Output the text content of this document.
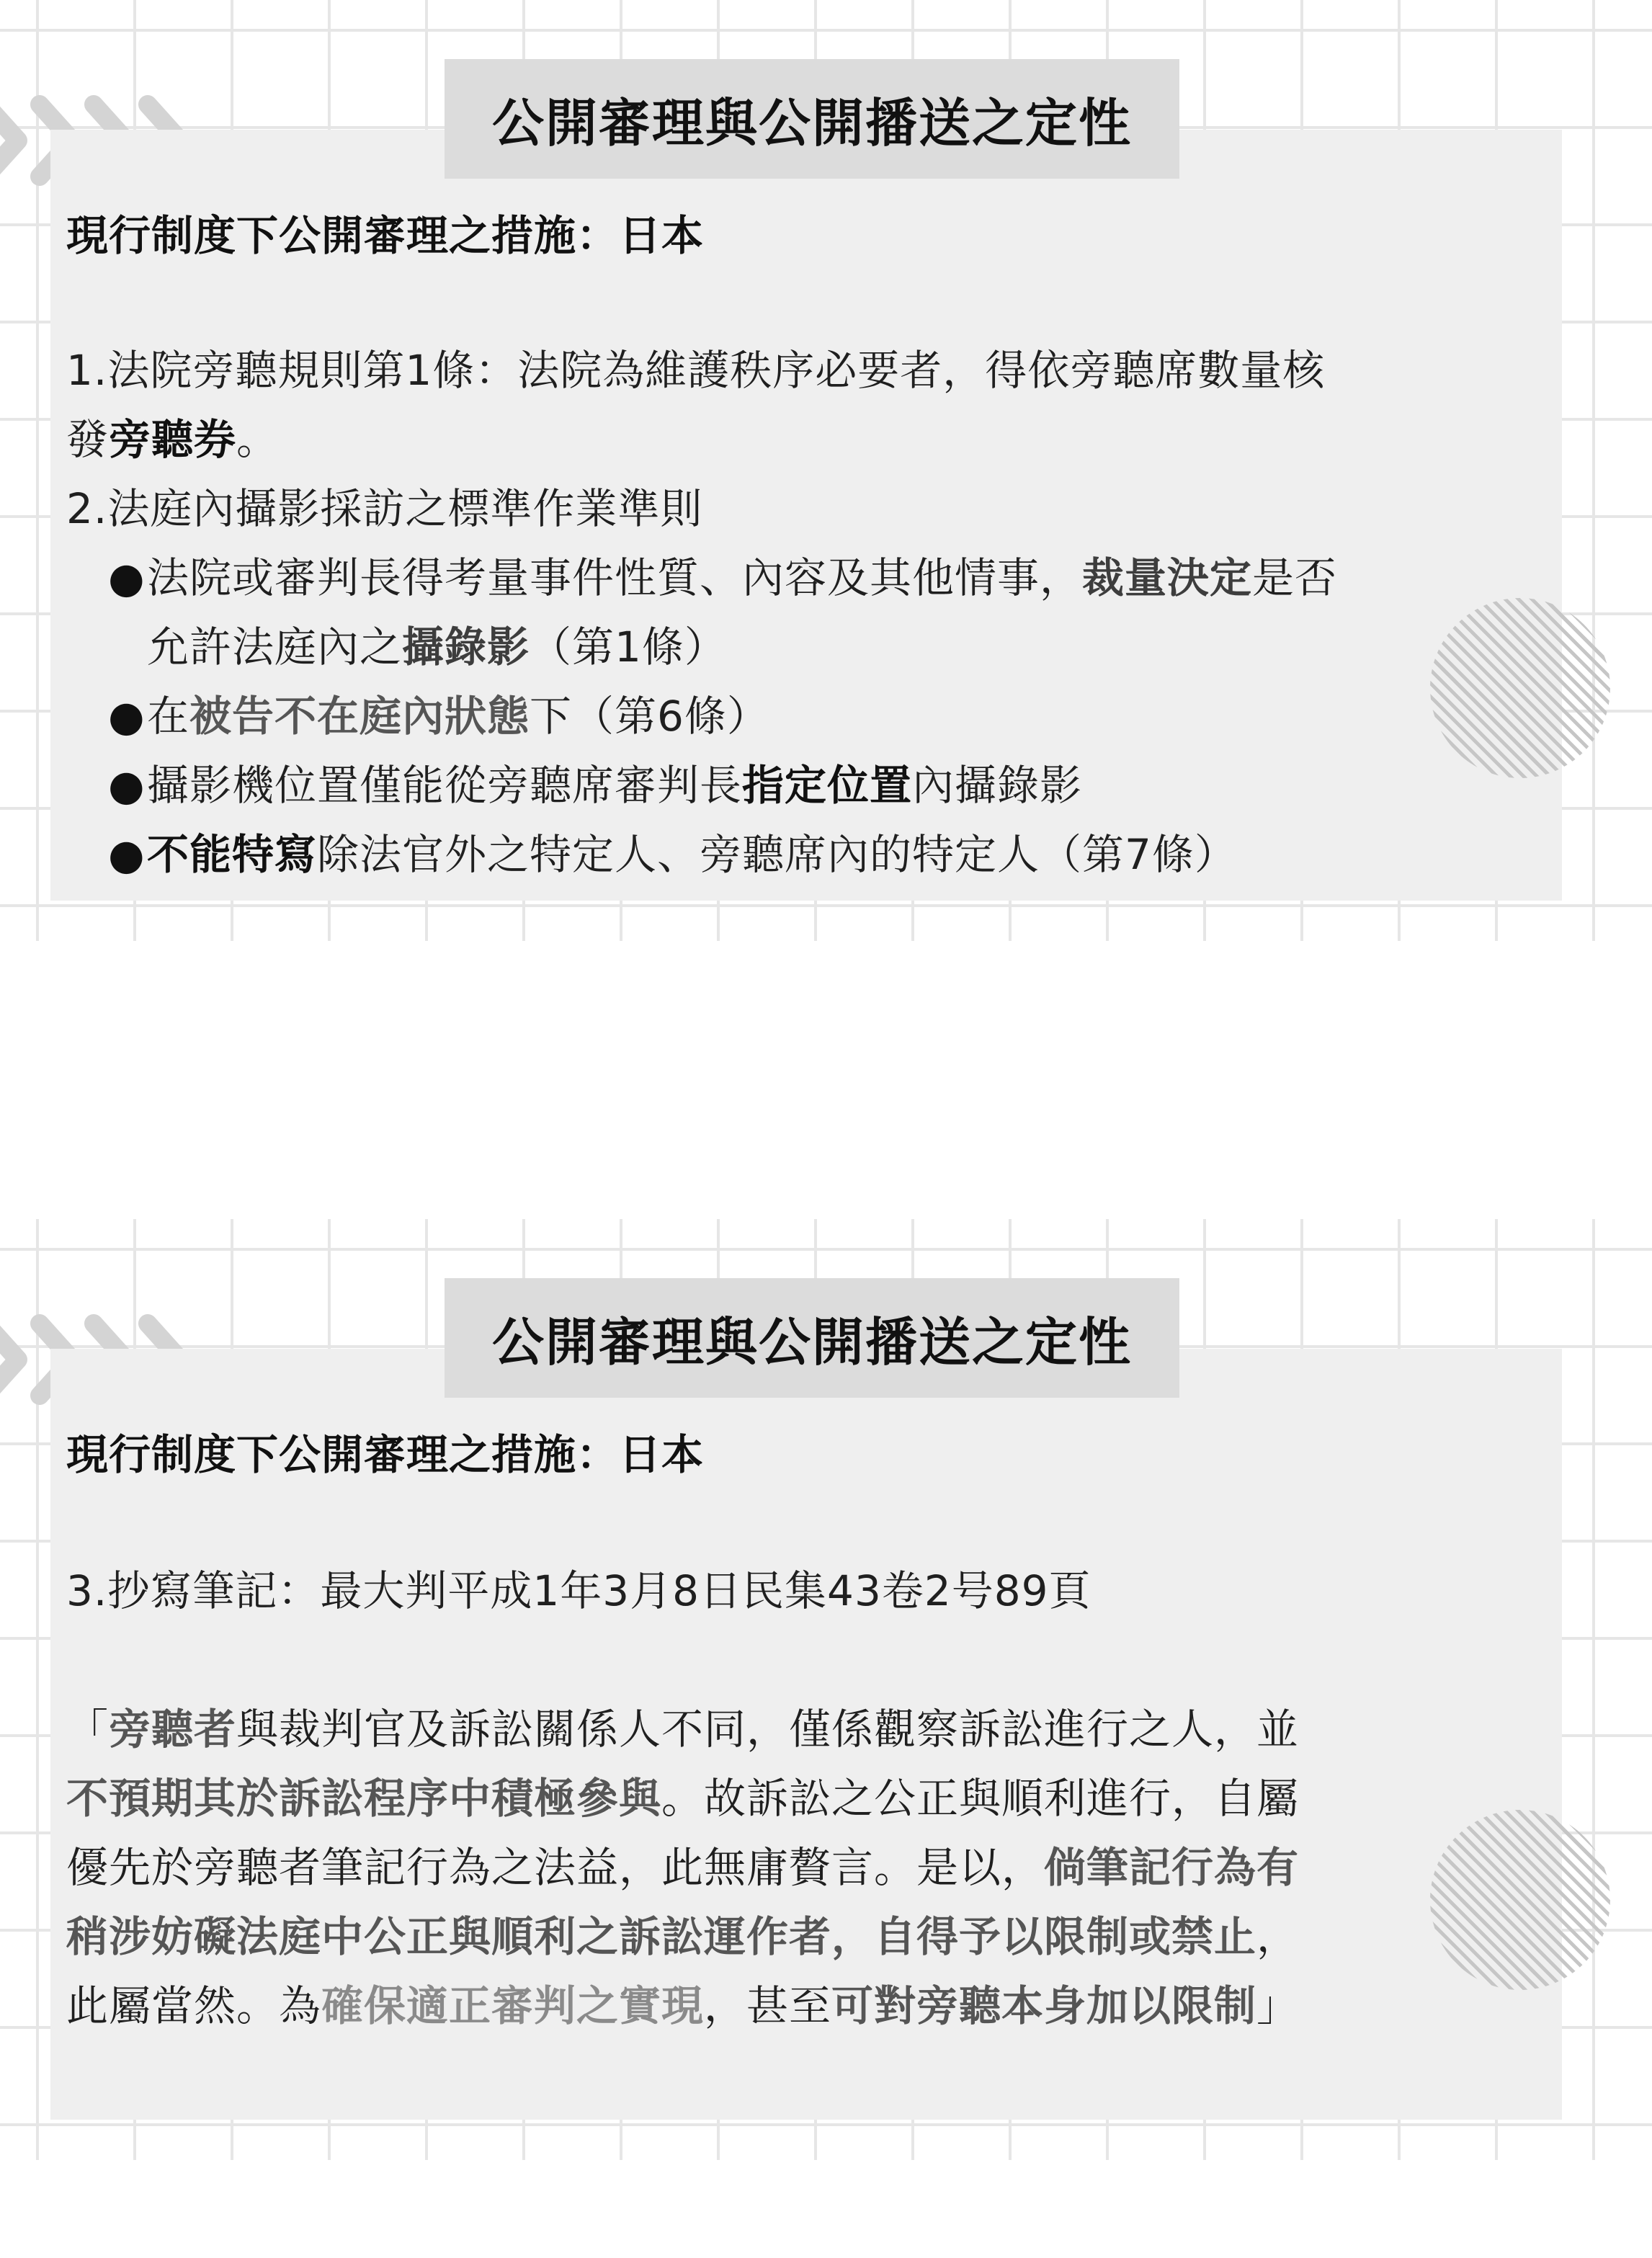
公開審理與公開播送之定性
現行制度下公開審理之措施：日本

1.法院旁聽規則第1條：法院為維護秩序必要者，得依旁聽席數量核
發旁聽券。

2.法庭內攝影採訪之標準作業準則

● 法院或審判長得考量事件性質、內容及其他情事，裁量決定是否
允許法庭內之攝錄影（第1條）
● 在被告不在庭內狀態下（第6條）
● 攝影機位置僅能從旁聽席審判長指定位置內攝錄影
● 不能特寫除法官外之特定人、旁聽席內的特定人（第7條）
公開審理與公開播送之定性
現行制度下公開審理之措施：日本
3.抄寫筆記：最大判平成1年3月8日民集43卷2号89頁

「旁聽者與裁判官及訴訟關係人不同，僅係觀察訴訟進行之人，並
不預期其於訴訟程序中積極參與。故訴訟之公正與順利進行，自屬
優先於旁聽者筆記行為之法益，此無庸贅言。是以，倘筆記行為有
稍涉妨礙法庭中公正與順利之訴訟運作者，自得予以限制或禁止，
此屬當然。為確保適正審判之實現，甚至可對旁聽本身加以限制」
